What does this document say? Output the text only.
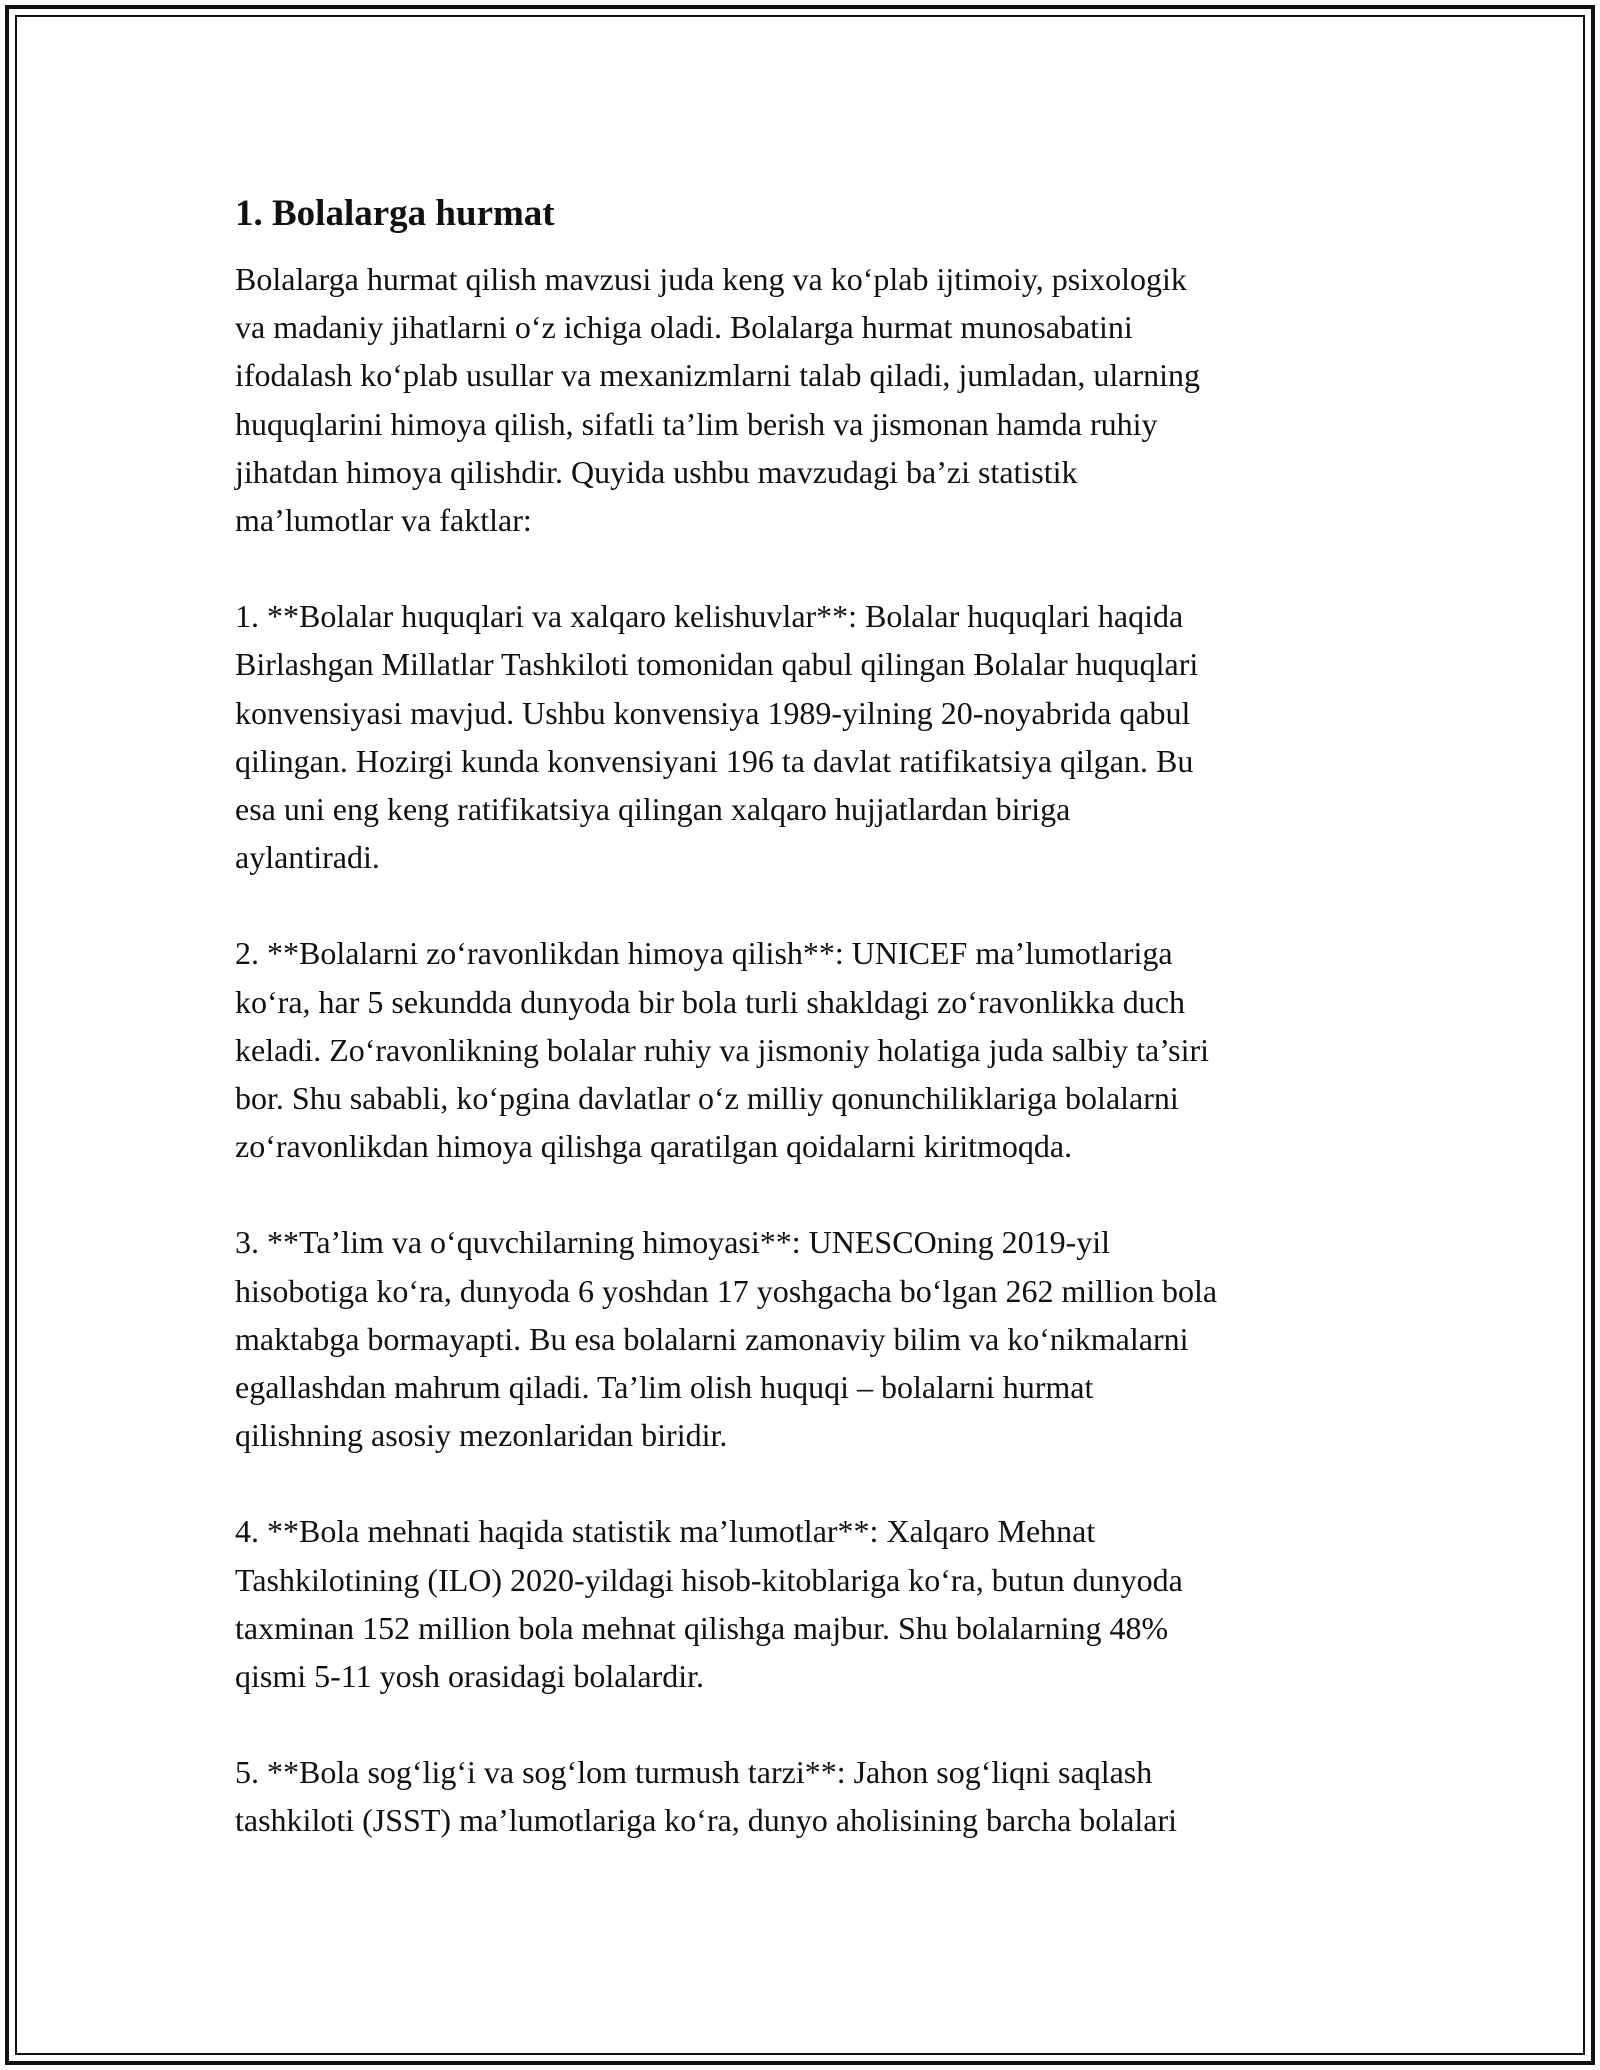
1. Bolalarga hurmat

Bolalarga hurmat qilish mavzusi juda keng va ko‘plab ijtimoiy, psixologik
va madaniy jihatlarni o‘z ichiga oladi. Bolalarga hurmat munosabatini
ifodalash ko‘plab usullar va mexanizmlarni talab qiladi, jumladan, ularning
huquqlarini himoya qilish, sifatli ta’lim berish va jismonan hamda ruhiy
jihatdan himoya qilishdir. Quyida ushbu mavzudagi ba’zi statistik
ma’lumotlar va faktlar:

1. **Bolalar huquqlari va xalqaro kelishuvlar**: Bolalar huquqlari haqida
Birlashgan Millatlar Tashkiloti tomonidan qabul qilingan Bolalar huquqlari
konvensiyasi mavjud. Ushbu konvensiya 1989-yilning 20-noyabrida qabul
qilingan. Hozirgi kunda konvensiyani 196 ta davlat ratifikatsiya qilgan. Bu
esa uni eng keng ratifikatsiya qilingan xalqaro hujjatlardan biriga
aylantiradi.

2. **Bolalarni zo‘ravonlikdan himoya qilish**: UNICEF ma’lumotlariga
ko‘ra, har 5 sekundda dunyoda bir bola turli shakldagi zo‘ravonlikka duch
keladi. Zo‘ravonlikning bolalar ruhiy va jismoniy holatiga juda salbiy ta’siri
bor. Shu sababli, ko‘pgina davlatlar o‘z milliy qonunchiliklariga bolalarni
zo‘ravonlikdan himoya qilishga qaratilgan qoidalarni kiritmoqda.

3. **Ta’lim va o‘quvchilarning himoyasi**: UNESCOning 2019-yil
hisobotiga ko‘ra, dunyoda 6 yoshdan 17 yoshgacha bo‘lgan 262 million bola
maktabga bormayapti. Bu esa bolalarni zamonaviy bilim va ko‘nikmalarni
egallashdan mahrum qiladi. Ta’lim olish huquqi – bolalarni hurmat
qilishning asosiy mezonlaridan biridir.

4. **Bola mehnati haqida statistik ma’lumotlar**: Xalqaro Mehnat
Tashkilotining (ILO) 2020-yildagi hisob-kitoblariga ko‘ra, butun dunyoda
taxminan 152 million bola mehnat qilishga majbur. Shu bolalarning 48%
qismi 5-11 yosh orasidagi bolalardir.

5. **Bola sog‘lig‘i va sog‘lom turmush tarzi**: Jahon sog‘liqni saqlash
tashkiloti (JSST) ma’lumotlariga ko‘ra, dunyo aholisining barcha bolalari
